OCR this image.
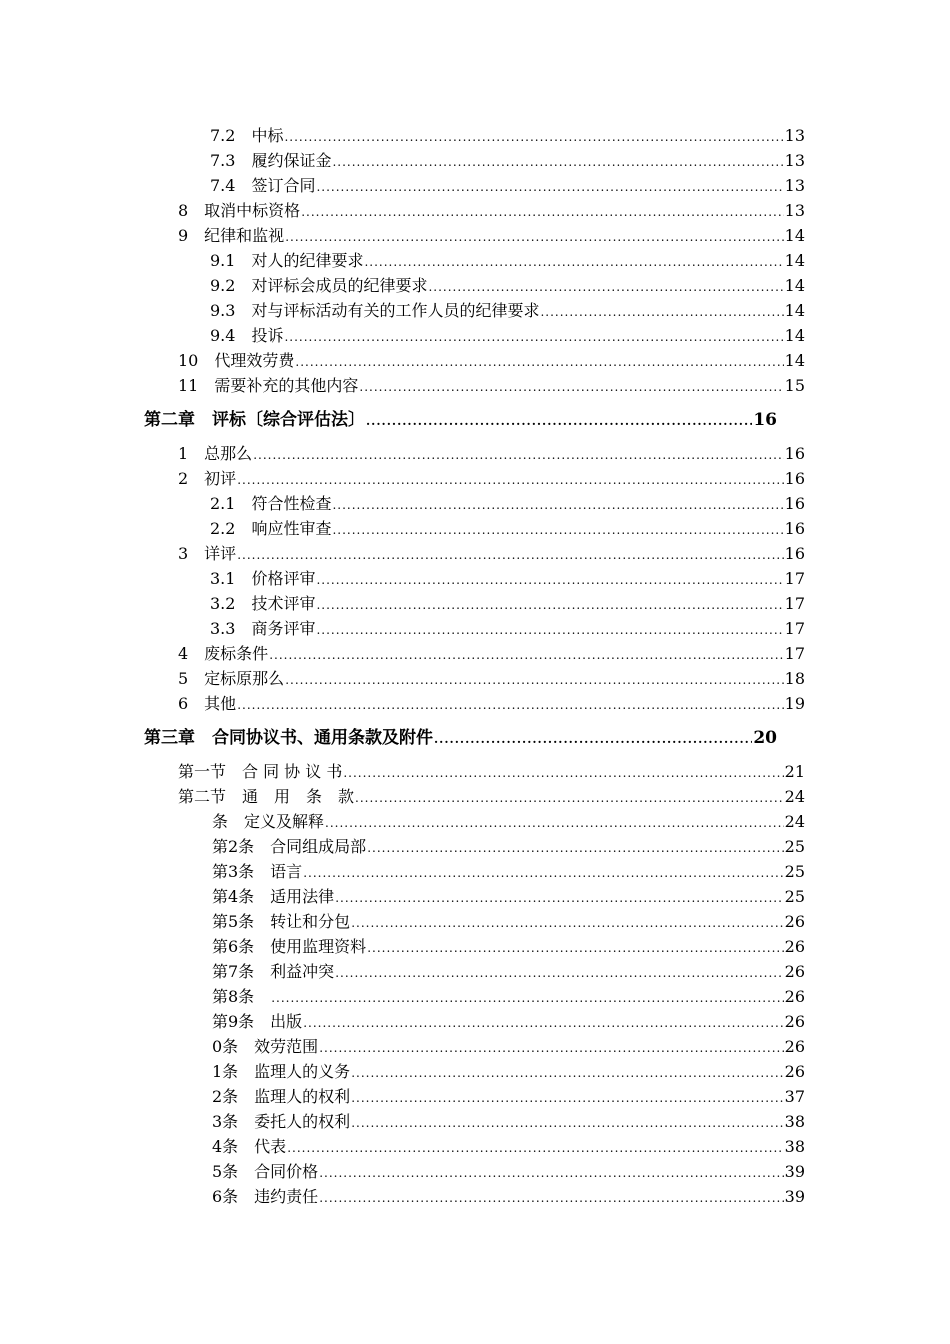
7.2　中标 .....	13
7.3　履约保证金 .....	13
7.4　签订合同 .....	13
8　取消中标资格 .....	13
9　纪律和监视 .....	14
9.1　对人的纪律要求 .....	14
9.2　对评标会成员的纪律要求 .....	14
9.3　对与评标活动有关的工作人员的纪律要求 .....	14
9.4　投诉 .....	14
10　代理效劳费 .....	14
11　需要补充的其他内容 .....	15
第二章　评标〔综合评估法〕 .....	16
1　总那么 .....	16
2　初评 .....	16
2.1　符合性检查 .....	16
2.2　响应性审查 .....	16
3　详评 .....	16
3.1　价格评审 .....	17
3.2　技术评审 .....	17
3.3　商务评审 .....	17
4　废标条件 .....	17
5　定标原那么 .....	18
6　其他 .....	19
第三章　合同协议书、通用条款及附件 .....	20
第一节　合 同 协 议 书 .....	21
第二节　通　用　条　款 .....	24
条　定义及解释 .....	24
第2条　合同组成局部 .....	25
第3条　语言 .....	25
第4条　适用法律 .....	25
第5条　转让和分包 .....	26
第6条　使用监理资料 .....	26
第7条　利益冲突 .....	26
第8条　 .....	26
第9条　出版 .....	26
0条　效劳范围 .....	26
1条　监理人的义务 .....	26
2条　监理人的权利 .....	37
3条　委托人的权利 .....	38
4条　代表 .....	38
5条　合同价格 .....	39
6条　违约责任 .....	39
